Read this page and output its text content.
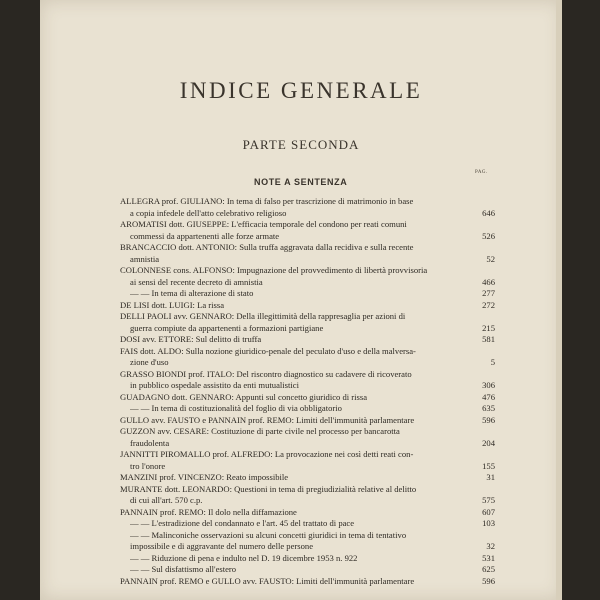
INDICE GENERALE
PARTE SECONDA
PAG.
NOTE A SENTENZA
ALLEGRA prof. GIULIANO: In tema di falso per trascrizione di matrimonio in base
a copia infedele dell'atto celebrativo religioso	646
AROMATISI dott. GIUSEPPE: L'efficacia temporale del condono per reati comuni
commessi da appartenenti alle forze armate	526
BRANCACCIO dott. ANTONIO: Sulla truffa aggravata dalla recidiva e sulla recente
amnistia	52
COLONNESE cons. ALFONSO: Impugnazione del provvedimento di libertà provvisoria
ai sensi del recente decreto di amnistia	466
— — In tema di alterazione di stato	277
DE LISI dott. LUIGI: La rissa	272
DELLI PAOLI avv. GENNARO: Della illegittimità della rappresaglia per azioni di
guerra compiute da appartenenti a formazioni partigiane	215
DOSI avv. ETTORE: Sul delitto di truffa	581
FAIS dott. ALDO: Sulla nozione giuridico-penale del peculato d'uso e della malversa-
zione d'uso	5
GRASSO BIONDI prof. ITALO: Del riscontro diagnostico su cadavere di ricoverato
in pubblico ospedale assistito da enti mutualistici	306
GUADAGNO dott. GENNARO: Appunti sul concetto giuridico di rissa	476
— — In tema di costituzionalità del foglio di via obbligatorio	635
GULLO avv. FAUSTO e PANNAIN prof. REMO: Limiti dell'immunità parlamentare	596
GUZZON avv. CESARE: Costituzione di parte civile nel processo per bancarotta
fraudolenta	204
JANNITTI PIROMALLO prof. ALFREDO: La provocazione nei così detti reati con-
tro l'onore	155
MANZINI prof. VINCENZO: Reato impossibile	31
MURANTE dott. LEONARDO: Questioni in tema di pregiudizialità relative al delitto
di cui all'art. 570 c.p.	575
PANNAIN prof. REMO: Il dolo nella diffamazione	607
— — L'estradizione del condannato e l'art. 45 del trattato di pace	103
— — Malinconiche osservazioni su alcuni concetti giuridici in tema di tentativo
impossibile e di aggravante del numero delle persone	32
— — Riduzione di pena e indulto nel D. 19 dicembre 1953 n. 922	531
— — Sul disfattismo all'estero	625
PANNAIN prof. REMO e GULLO avv. FAUSTO: Limiti dell'immunità parlamentare	596
